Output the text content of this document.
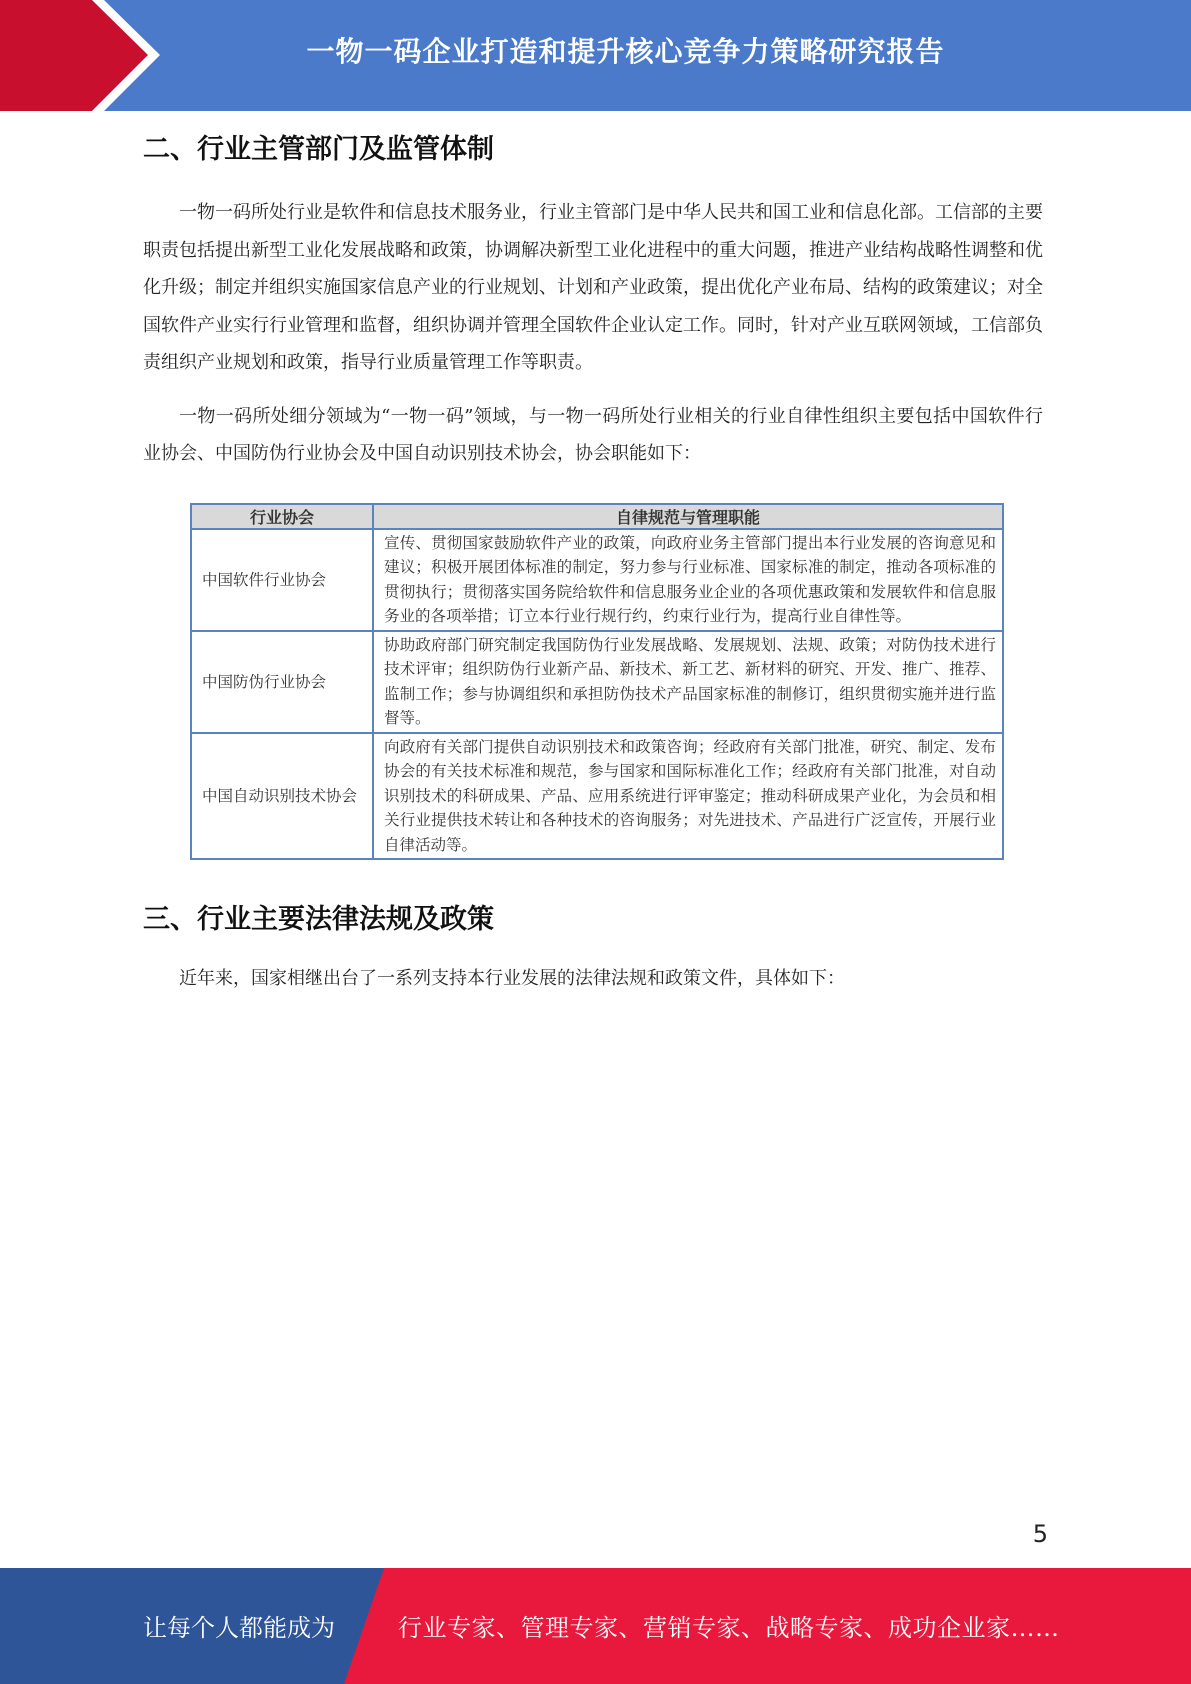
一物一码企业打造和提升核心竞争力策略研究报告
二、行业主管部门及监管体制

一物一码所处行业是软件和信息技术服务业，行业主管部门是中华人民共和国工业和信息化部。工信部的主要职责包括提出新型工业化发展战略和政策，协调解决新型工业化进程中的重大问题，推进产业结构战略性调整和优化升级；制定并组织实施国家信息产业的行业规划、计划和产业政策，提出优化产业布局、结构的政策建议；对全国软件产业实行行业管理和监督，组织协调并管理全国软件企业认定工作。同时，针对产业互联网领域，工信部负责组织产业规划和政策，指导行业质量管理工作等职责。

一物一码所处细分领域为“一物一码”领域，与一物一码所处行业相关的行业自律性组织主要包括中国软件行业协会、中国防伪行业协会及中国自动识别技术协会，协会职能如下：

行业协会	自律规范与管理职能
中国软件行业协会	宣传、贯彻国家鼓励软件产业的政策，向政府业务主管部门提出本行业发展的咨询意见和建议；积极开展团体标准的制定，努力参与行业标准、国家标准的制定，推动各项标准的贯彻执行；贯彻落实国务院给软件和信息服务业企业的各项优惠政策和发展软件和信息服务业的各项举措；订立本行业行规行约，约束行业行为，提高行业自律性等。
中国防伪行业协会	协助政府部门研究制定我国防伪行业发展战略、发展规划、法规、政策；对防伪技术进行技术评审；组织防伪行业新产品、新技术、新工艺、新材料的研究、开发、推广、推荐、监制工作；参与协调组织和承担防伪技术产品国家标准的制修订，组织贯彻实施并进行监督等。
中国自动识别技术协会	向政府有关部门提供自动识别技术和政策咨询；经政府有关部门批准，研究、制定、发布协会的有关技术标准和规范，参与国家和国际标准化工作；经政府有关部门批准，对自动识别技术的科研成果、产品、应用系统进行评审鉴定；推动科研成果产业化，为会员和相关行业提供技术转让和各种技术的咨询服务；对先进技术、产品进行广泛宣传，开展行业自律活动等。
三、行业主要法律法规及政策

近年来，国家相继出台了一系列支持本行业发展的法律法规和政策文件，具体如下：

5
让每个人都能成为	行业专家、管理专家、营销专家、战略专家、成功企业家……
